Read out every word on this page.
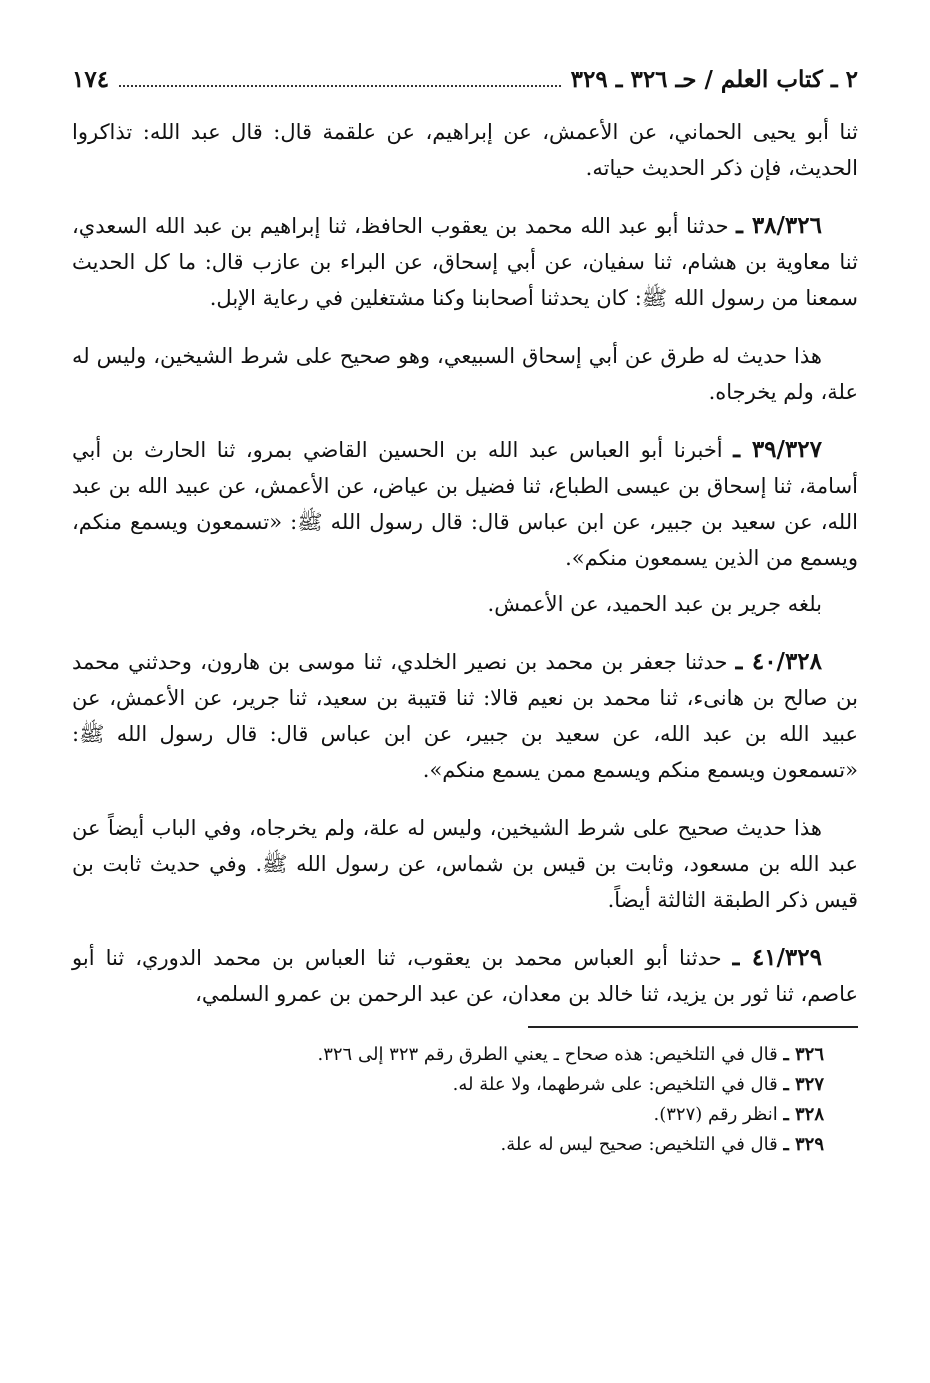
٢ ـ كتاب العلم / حـ ٣٢٦ ـ ٣٢٩
١٧٤

ثنا أبو يحيى الحماني، عن الأعمش، عن إبراهيم، عن علقمة قال: قال عبد الله: تذاكروا الحديث، فإن ذكر الحديث حياته.

٣٨/٣٢٦ ـ حدثنا أبو عبد الله محمد بن يعقوب الحافظ، ثنا إبراهيم بن عبد الله السعدي، ثنا معاوية بن هشام، ثنا سفيان، عن أبي إسحاق، عن البراء بن عازب قال: ما كل الحديث سمعنا من رسول الله ﷺ: كان يحدثنا أصحابنا وكنا مشتغلين في رعاية الإبل.

هذا حديث له طرق عن أبي إسحاق السبيعي، وهو صحيح على شرط الشيخين، وليس له علة، ولم يخرجاه.

٣٩/٣٢٧ ـ أخبرنا أبو العباس عبد الله بن الحسين القاضي بمرو، ثنا الحارث بن أبي أسامة، ثنا إسحاق بن عيسى الطباع، ثنا فضيل بن عياض، عن الأعمش، عن عبيد الله بن عبد الله، عن سعيد بن جبير، عن ابن عباس قال: قال رسول الله ﷺ: «تسمعون ويسمع منكم، ويسمع من الذين يسمعون منكم».

بلغه جرير بن عبد الحميد، عن الأعمش.

٤٠/٣٢٨ ـ حدثنا جعفر بن محمد بن نصير الخلدي، ثنا موسى بن هارون، وحدثني محمد بن صالح بن هانىء، ثنا محمد بن نعيم قالا: ثنا قتيبة بن سعيد، ثنا جرير، عن الأعمش، عن عبيد الله بن عبد الله، عن سعيد بن جبير، عن ابن عباس قال: قال رسول الله ﷺ: «تسمعون ويسمع منكم ويسمع ممن يسمع منكم».

هذا حديث صحيح على شرط الشيخين، وليس له علة، ولم يخرجاه، وفي الباب أيضاً عن عبد الله بن مسعود، وثابت بن قيس بن شماس، عن رسول الله ﷺ. وفي حديث ثابت بن قيس ذكر الطبقة الثالثة أيضاً.

٤١/٣٢٩ ـ حدثنا أبو العباس محمد بن يعقوب، ثنا العباس بن محمد الدوري، ثنا أبو عاصم، ثنا ثور بن يزيد، ثنا خالد بن معدان، عن عبد الرحمن بن عمرو السلمي،

٣٢٦ ـ قال في التلخيص: هذه صحاح ـ يعني الطرق رقم ٣٢٣ إلى ٣٢٦.

٣٢٧ ـ قال في التلخيص: على شرطهما، ولا علة له.

٣٢٨ ـ انظر رقم (٣٢٧).

٣٢٩ ـ قال في التلخيص: صحيح ليس له علة.
